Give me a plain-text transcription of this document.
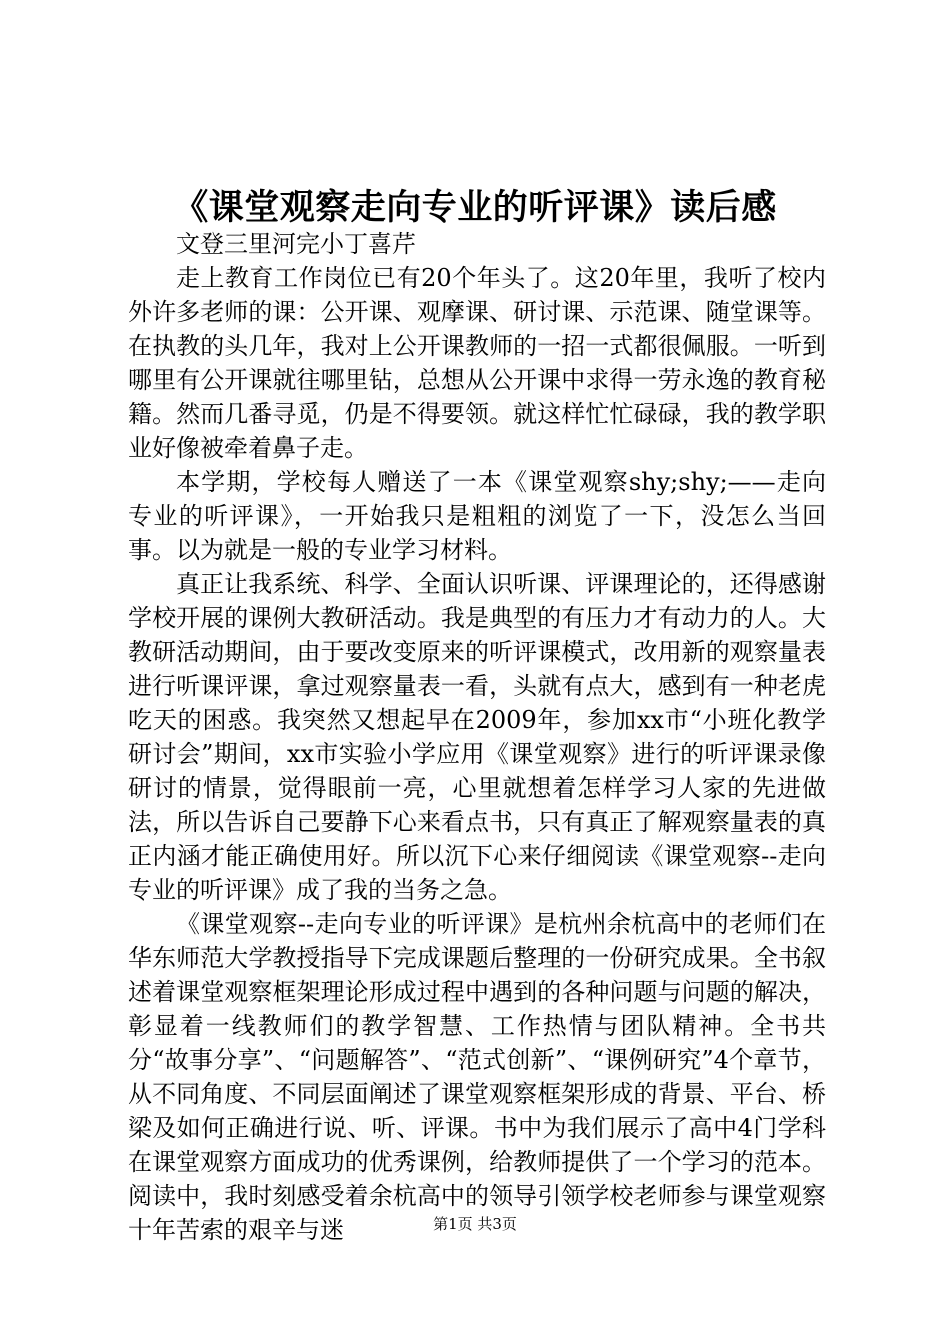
《课堂观察走向专业的听评课》读后感

文登三里河完小丁喜芹

走上教育工作岗位已有20个年头了。这20年里，我听了校内外许多老师的课：公开课、观摩课、研讨课、示范课、随堂课等。在执教的头几年，我对上公开课教师的一招一式都很佩服。一听到哪里有公开课就往哪里钻，总想从公开课中求得一劳永逸的教育秘籍。然而几番寻觅，仍是不得要领。就这样忙忙碌碌，我的教学职业好像被牵着鼻子走。

本学期，学校每人赠送了一本《课堂观察shy;shy;——走向专业的听评课》，一开始我只是粗粗的浏览了一下，没怎么当回事。以为就是一般的专业学习材料。

真正让我系统、科学、全面认识听课、评课理论的，还得感谢学校开展的课例大教研活动。我是典型的有压力才有动力的人。大教研活动期间，由于要改变原来的听评课模式，改用新的观察量表进行听课评课，拿过观察量表一看，头就有点大，感到有一种老虎吃天的困惑。我突然又想起早在2009年，参加xx市“小班化教学研讨会”期间，xx市实验小学应用《课堂观察》进行的听评课录像研讨的情景，觉得眼前一亮，心里就想着怎样学习人家的先进做法，所以告诉自己要静下心来看点书，只有真正了解观察量表的真正内涵才能正确使用好。所以沉下心来仔细阅读《课堂观察--走向专业的听评课》成了我的当务之急。

《课堂观察--走向专业的听评课》是杭州余杭高中的老师们在华东师范大学教授指导下完成课题后整理的一份研究成果。全书叙述着课堂观察框架理论形成过程中遇到的各种问题与问题的解决，彰显着一线教师们的教学智慧、工作热情与团队精神。全书共分“故事分享”、“问题解答”、“范式创新”、“课例研究”4个章节，从不同角度、不同层面阐述了课堂观察框架形成的背景、平台、桥梁及如何正确进行说、听、评课。书中为我们展示了高中4门学科在课堂观察方面成功的优秀课例，给教师提供了一个学习的范本。阅读中，我时刻感受着余杭高中的领导引领学校老师参与课堂观察十年苦索的艰辛与迷	第1页 共3页
